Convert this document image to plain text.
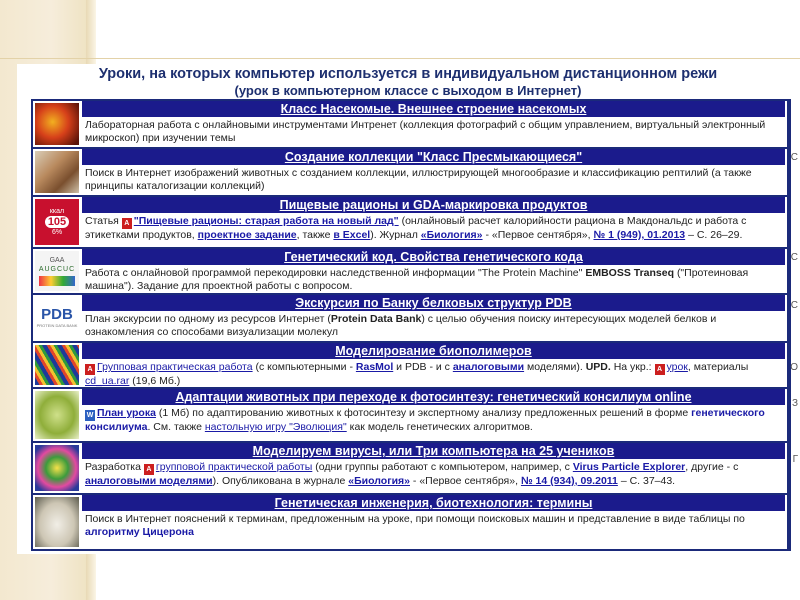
Уроки, на которых компьютер используется в индивидуальном дистанционном режи
(урок в компьютерном классе с выходом в Интернет)
Класс Насекомые. Внешнее строение насекомых
Лабораторная работа с онлайновыми инструментами Интренет (коллекция фотографий с общим управлением, виртуальный электронный микроскоп) при изучении темы
Создание коллекции "Класс Пресмыкающиеся"
Поиск в Интернет изображений животных с созданием коллекции, иллюстрирующей многообразие и классификацию рептилий (а также принципы каталогизации коллекций)
ккал
105
6%
Пищевые рационы и GDA-маркировка продуктов
Статья A "Пищевые рационы: старая работа на новый лад" (онлайновый расчет калорийности рациона в Макдональдс и работа с этикетками продуктов, проектное задание, также в Excel). Журнал «Биология» - «Первое сентября», № 1 (949), 01.2013 – С. 26–29.
GAA
AUGCUC
Генетический код. Свойства генетического кода
Работа с онлайновой программой перекодировки наследственной информации "The Protein Machine" EMBOSS Transeq ("Протеиновая машина"). Задание для проектной работы с вопросом.
PDB
PROTEIN DATA BANK
Экскурсия по Банку белковых структур PDB
План экскурсии по одному из ресурсов Интернет (Protein Data Bank) с целью обучения поиску интересующих моделей белков и ознакомления со способами визуализации молекул
Моделирование биополимеров
A Групповая практическая работа (с компьютерными - RasMol и PDB - и с аналоговыми моделями). UPD. На укр.: A урок, материалы cd_ua.rar (19,6 Мб.)
Адаптации животных при переходе к фотосинтезу: генетический консилиум online
W План урока (1 Мб) по адаптированию животных к фотосинтезу и экспертному анализу предложенных решений в форме генетического консилиума. См. также настольную игру "Эволюция" как модель генетических алгоритмов.
Моделируем вирусы, или Три компьютера на 25 учеников
Разработка A групповой практической работы (одни группы работают с компьютером, например, с Virus Particle Explorer, другие - с аналоговыми моделями). Опубликована в журнале «Биология» - «Первое сентября», № 14 (934), 09.2011 – С. 37–43.
Генетическая инженерия, биотехнология: термины
Поиск в Интернет пояснений к терминам, предложенным на уроке, при помощи поисковых машин и представление в виде таблицы по алгоритму Цицерона
С
С
С
О
З
Г
